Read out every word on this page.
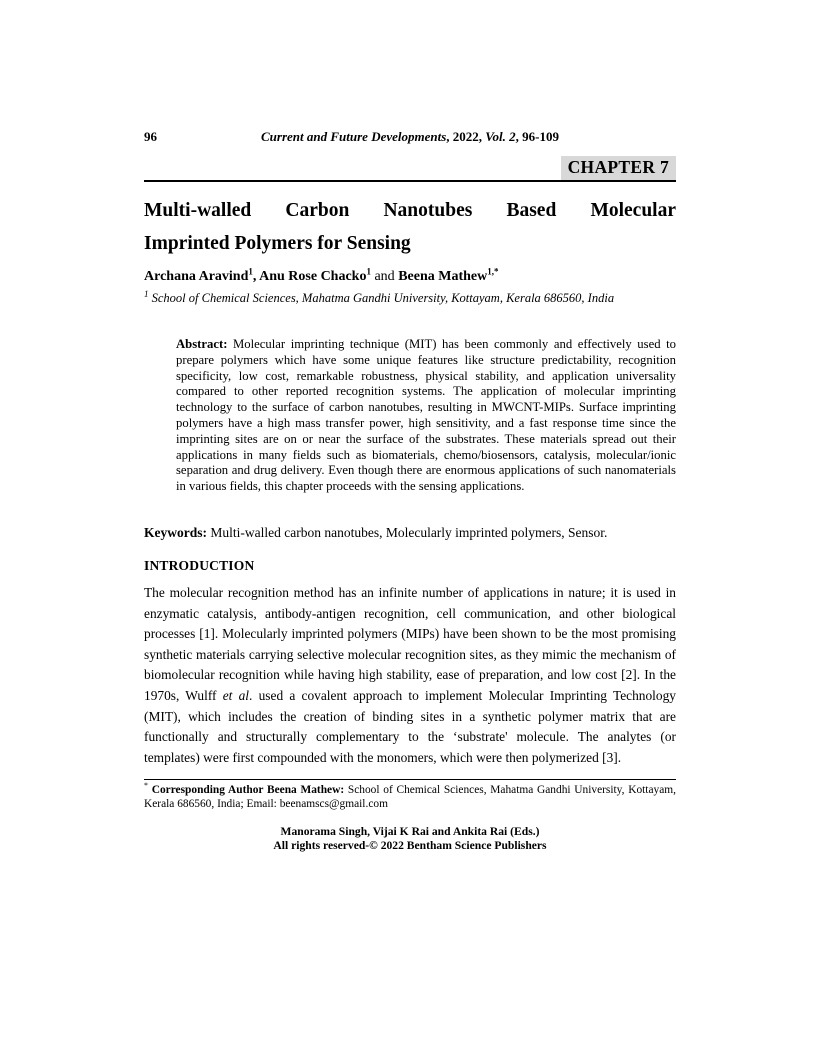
96	Current and Future Developments, 2022, Vol. 2, 96-109
CHAPTER 7
Multi-walled Carbon Nanotubes Based Molecular
Imprinted Polymers for Sensing
Archana Aravind$^1$, Anu Rose Chacko$^1$ and Beena Mathew$^{1,*}$
$^1$ School of Chemical Sciences, Mahatma Gandhi University, Kottayam, Kerala 686560, India
Abstract: Molecular imprinting technique (MIT) has been commonly and effectively used to prepare polymers which have some unique features like structure predictability, recognition specificity, low cost, remarkable robustness, physical stability, and application universality compared to other reported recognition systems. The application of molecular imprinting technology to the surface of carbon nanotubes, resulting in MWCNT-MIPs. Surface imprinting polymers have a high mass transfer power, high sensitivity, and a fast response time since the imprinting sites are on or near the surface of the substrates. These materials spread out their applications in many fields such as biomaterials, chemo/biosensors, catalysis, molecular/ionic separation and drug delivery. Even though there are enormous applications of such nanomaterials in various fields, this chapter proceeds with the sensing applications.
Keywords: Multi-walled carbon nanotubes, Molecularly imprinted polymers, Sensor.
INTRODUCTION
The molecular recognition method has an infinite number of applications in nature; it is used in enzymatic catalysis, antibody-antigen recognition, cell communication, and other biological processes [1]. Molecularly imprinted polymers (MIPs) have been shown to be the most promising synthetic materials carrying selective molecular recognition sites, as they mimic the mechanism of biomolecular recognition while having high stability, ease of preparation, and low cost [2]. In the 1970s, Wulff et al. used a covalent approach to implement Molecular Imprinting Technology (MIT), which includes the creation of binding sites in a synthetic polymer matrix that are functionally and structurally complementary to the ‘substrate' molecule. The analytes (or templates) were first compounded with the monomers, which were then polymerized [3].
* Corresponding Author Beena Mathew: School of Chemical Sciences, Mahatma Gandhi University, Kottayam, Kerala 686560, India; Email: beenamscs@gmail.com
Manorama Singh, Vijai K Rai and Ankita Rai (Eds.)
All rights reserved-© 2022 Bentham Science Publishers
